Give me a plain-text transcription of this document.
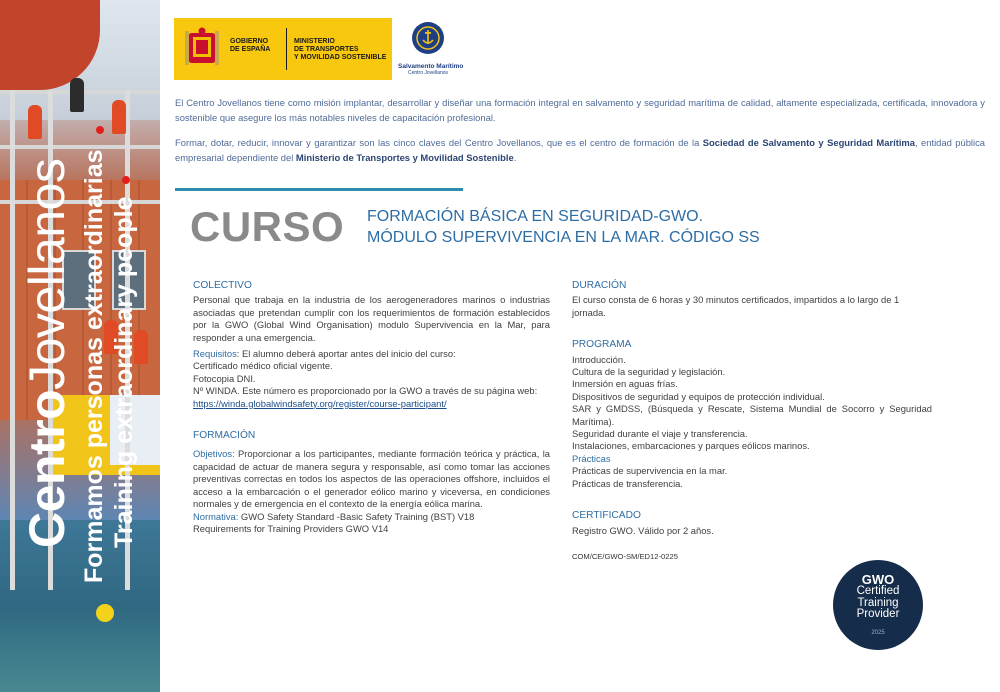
CentroJovellanos Formamos personas extraordinarias Training extraordinary people
GOBIERNO
DE ESPAÑA
MINISTERIO
DE TRANSPORTES
Y MOVILIDAD SOSTENIBLE
Salvamento Marítimo
Centro Jovellanos

El Centro Jovellanos tiene como misión implantar, desarrollar y diseñar una formación integral en salvamento y seguridad marítima de calidad, altamente especializada, certificada, innovadora y sostenible que asegure los más notables niveles de capacitación profesional.

Formar, dotar, reducir, innovar y garantizar son las cinco claves del Centro Jovellanos, que es el centro de formación de la Sociedad de Salvamento y Seguridad Marítima, entidad pública empresarial dependiente del Ministerio de Transportes y Movilidad Sostenible.

CURSO FORMACIÓN BÁSICA EN SEGURIDAD-GWO.
MÓDULO SUPERVIVENCIA EN LA MAR. CÓDIGO SS
COLECTIVO

Personal que trabaja en la industria de los aerogeneradores marinos o industrias asociadas que pretendan cumplir con los requerimientos de formación establecidos por la GWO (Global Wind Organisation) modulo Supervivencia en la Mar, para responder a una emergencia.

Requisitos: El alumno deberá aportar antes del inicio del curso:

Certificado médico oficial vigente.

Fotocopia DNI.

Nº WINDA. Este número es proporcionado por la GWO a través de su página web:

https://winda.globalwindsafety.org/register/course-participant/
FORMACIÓN

Objetivos: Proporcionar a los participantes, mediante formación teórica y práctica, la capacidad de actuar de manera segura y responsable, así como tomar las acciones preventivas correctas en todos los aspectos de las operaciones offshore, incluidos el acceso a la embarcación o el generador eólico marino y viceversa, en condiciones normales y de emergencia en el contexto de la energía eólica marina.

Normativa: GWO Safety Standard -Basic Safety Training (BST) V18

Requirements for Training Providers GWO V14

DURACIÓN

El curso consta de 6 horas y 30 minutos certificados, impartidos a lo largo de 1 jornada.

PROGRAMA

Introducción.

Cultura de la seguridad y legislación.

Inmersión en aguas frías.

Dispositivos de seguridad y equipos de protección individual.

SAR y GMDSS, (Búsqueda y Rescate, Sistema Mundial de Socorro y Seguridad Marítima).

Seguridad durante el viaje y transferencia.

Instalaciones, embarcaciones y parques eólicos marinos.

Prácticas

Prácticas de supervivencia en la mar.

Prácticas de transferencia.

CERTIFICADO

Registro GWO. Válido por 2 años.

COM/CE/GWO-SM/ED12-0225

GWO
Certified
Training
Provider
2025
